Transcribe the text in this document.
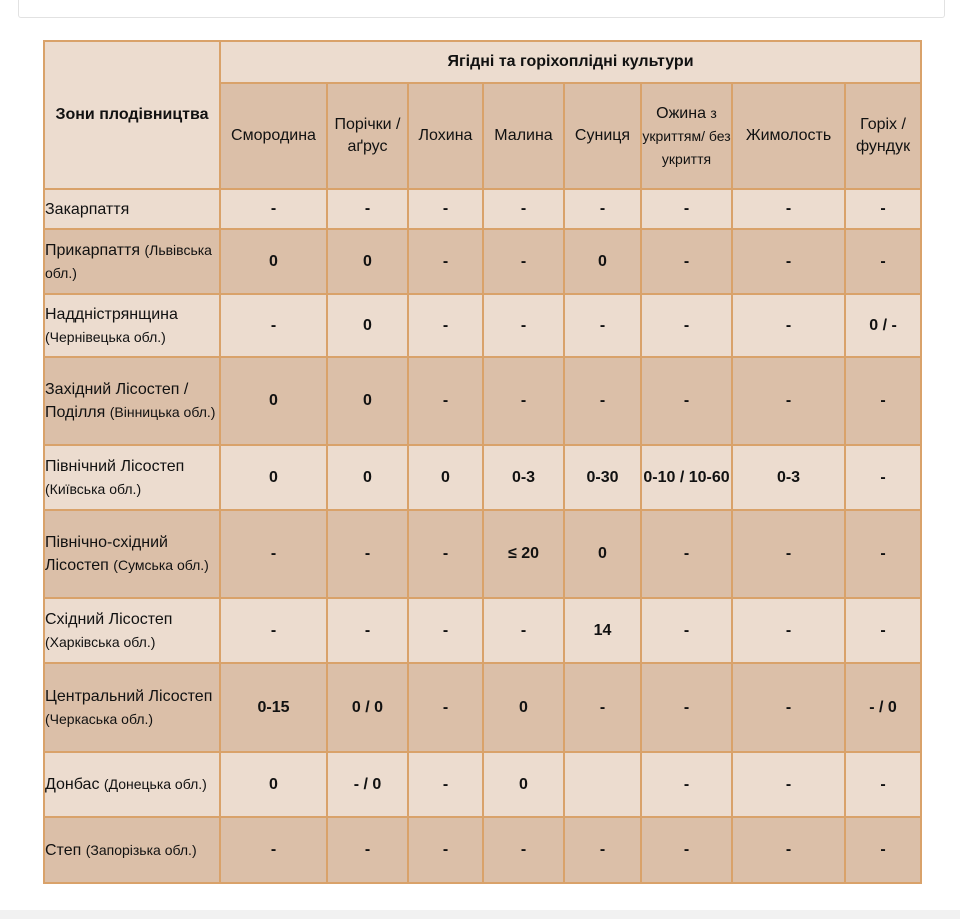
Зони плодівництва	Ягідні та горіхоплідні культури							
	Смородина	Порічки / аґрус	Лохина	Малина	Суниця	Ожина з укриттям/ без укриття	Жимолость	Горіх / фундук
Закарпаття	-	-	-	-	-	-	-	-
Прикарпаття (Львівська обл.)	0	0	-	-	0	-	-	-
Наддністрянщина (Чернівецька обл.)	-	0	-	-	-	-	-	0 / -
Західний Лісостеп / Поділля (Вінницька обл.)	0	0	-	-	-	-	-	-
Північний Лісостеп (Київська обл.)	0	0	0	0-3	0-30	0-10 / 10-60	0-3	-
Північно-східний Лісостеп (Сумська обл.)	-	-	-	≤ 20	0	-	-	-
Східний Лісостеп (Харківська обл.)	-	-	-	-	14	-	-	-
Центральний Лісостеп (Черкаська обл.)	0-15	0 / 0	-	0	-	-	-	- / 0
Донбас (Донецька обл.)	0	- / 0	-	0		-	-	-
Степ (Запорізька обл.)	-	-	-	-	-	-	-	-
